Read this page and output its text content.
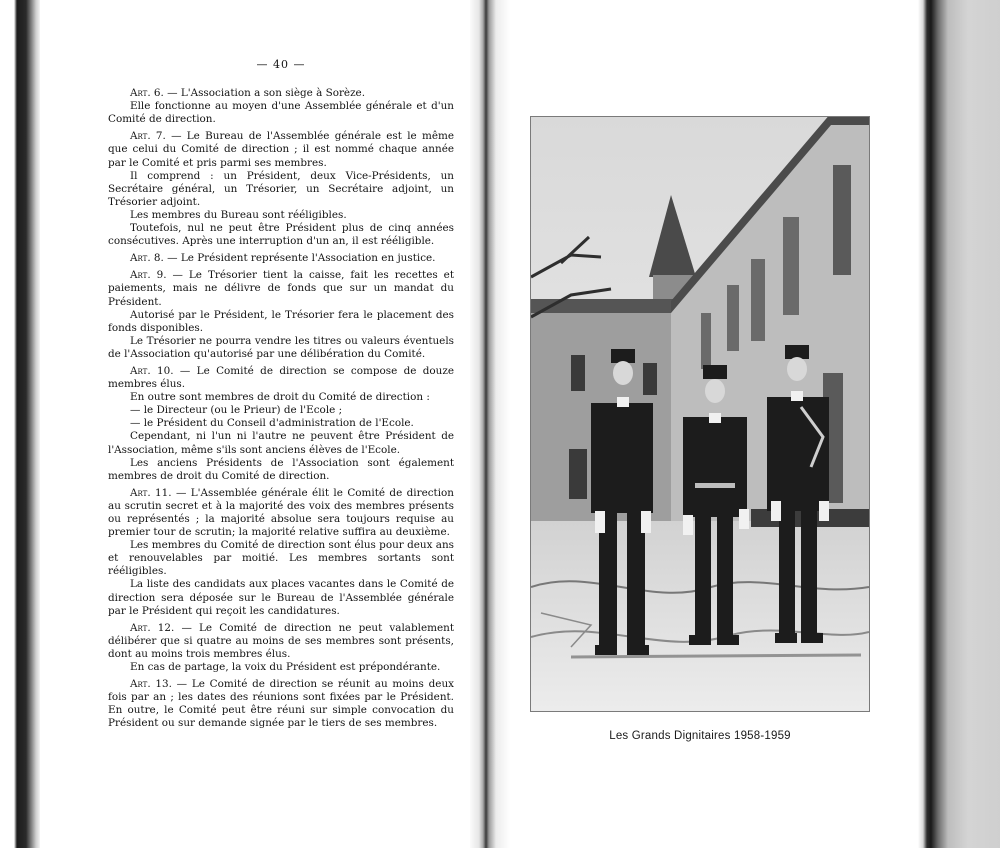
— 40 —

Art. 6. — L'Association a son siège à Sorèze.

Elle fonctionne au moyen d'une Assemblée générale et d'un Comité de direction.

Art. 7. — Le Bureau de l'Assemblée générale est le même que celui du Comité de direction ; il est nommé chaque année par le Comité et pris parmi ses membres.

Il comprend : un Président, deux Vice-Présidents, un Secrétaire général, un Trésorier, un Secrétaire adjoint, un Trésorier adjoint.

Les membres du Bureau sont rééligibles.

Toutefois, nul ne peut être Président plus de cinq années consécutives. Après une interruption d'un an, il est rééligible.

Art. 8. — Le Président représente l'Association en justice.

Art. 9. — Le Trésorier tient la caisse, fait les recettes et paiements, mais ne délivre de fonds que sur un mandat du Président.

Autorisé par le Président, le Trésorier fera le placement des fonds disponibles.

Le Trésorier ne pourra vendre les titres ou valeurs éventuels de l'Association qu'autorisé par une délibération du Comité.

Art. 10. — Le Comité de direction se compose de douze membres élus.

En outre sont membres de droit du Comité de direction :

— le Directeur (ou le Prieur) de l'Ecole ;

— le Président du Conseil d'administration de l'Ecole.

Cependant, ni l'un ni l'autre ne peuvent être Président de l'Association, même s'ils sont anciens élèves de l'Ecole.

Les anciens Présidents de l'Association sont également membres de droit du Comité de direction.

Art. 11. — L'Assemblée générale élit le Comité de direction au scrutin secret et à la majorité des voix des membres présents ou représentés ; la majorité absolue sera toujours requise au premier tour de scrutin; la majorité relative suffira au deuxième.

Les membres du Comité de direction sont élus pour deux ans et renouvelables par moitié. Les membres sortants sont rééligibles.

La liste des candidats aux places vacantes dans le Comité de direction sera déposée sur le Bureau de l'Assemblée générale par le Président qui reçoit les candidatures.

Art. 12. — Le Comité de direction ne peut valablement délibérer que si quatre au moins de ses membres sont présents, dont au moins trois membres élus.

En cas de partage, la voix du Président est prépondérante.

Art. 13. — Le Comité de direction se réunit au moins deux fois par an ; les dates des réunions sont fixées par le Président. En outre, le Comité peut être réuni sur simple convocation du Président ou sur demande signée par le tiers de ses membres.

Les Grands Dignitaires 1958-1959
